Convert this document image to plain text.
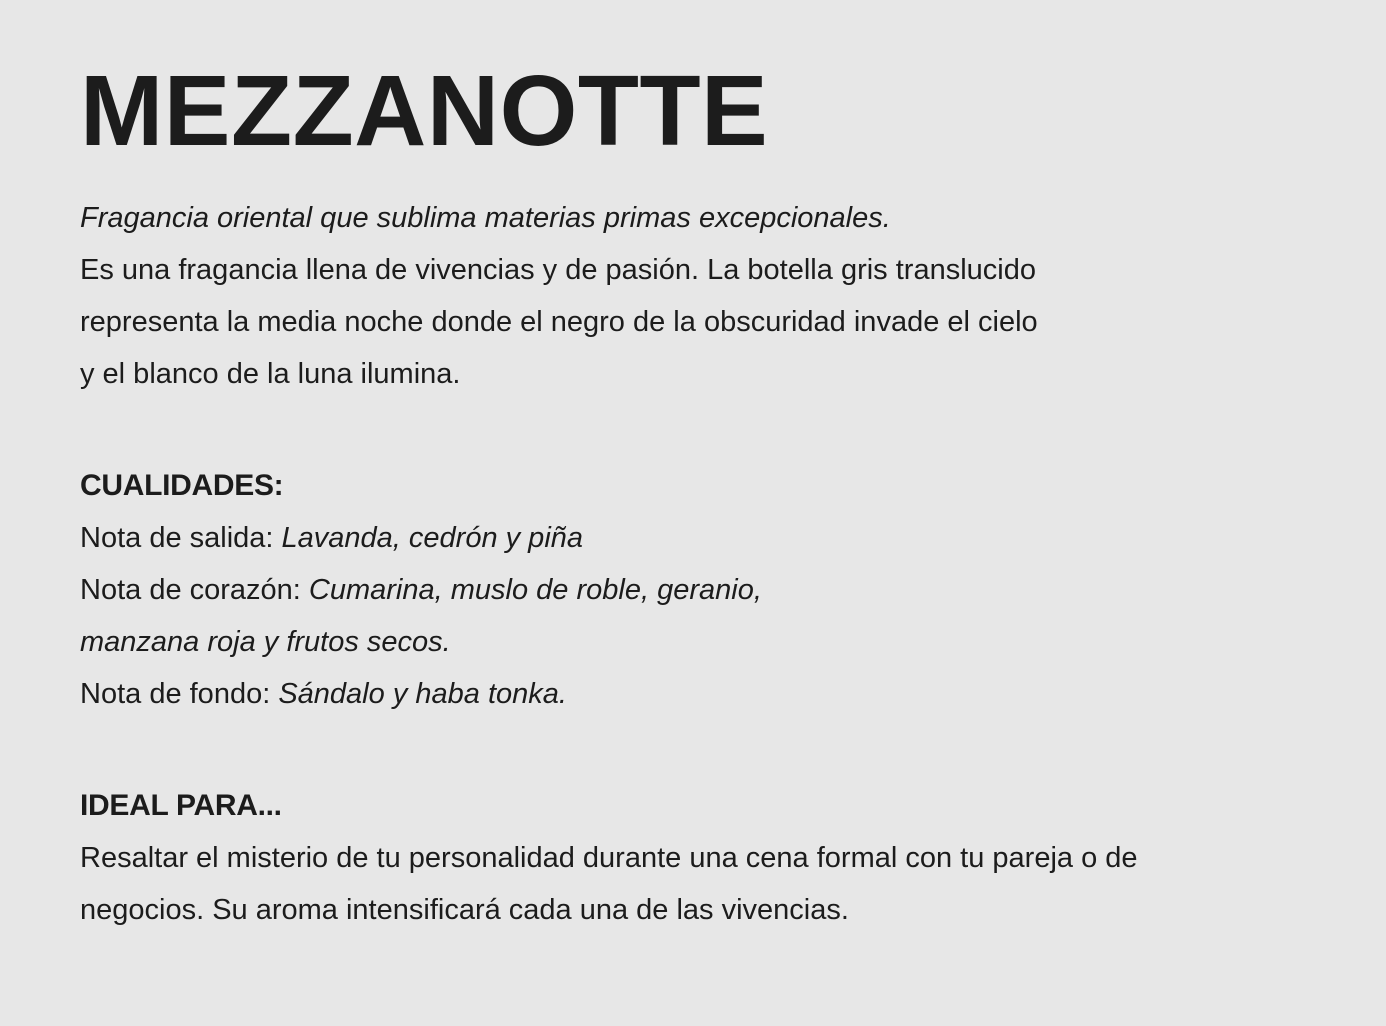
MEZZANOTTE
Fragancia oriental que sublima materias primas excepcionales.
Es una fragancia llena de vivencias y de pasión. La botella gris translucido representa la media noche donde el negro de la obscuridad invade el cielo y el blanco de la luna ilumina.

CUALIDADES:

Nota de salida: Lavanda, cedrón y piña

Nota de corazón: Cumarina, muslo de roble, geranio, manzana roja y frutos secos.

Nota de fondo: Sándalo y haba tonka.

IDEAL PARA...

Resaltar el misterio de tu personalidad durante una cena formal con tu pareja o de negocios. Su aroma intensificará cada una de las vivencias.
